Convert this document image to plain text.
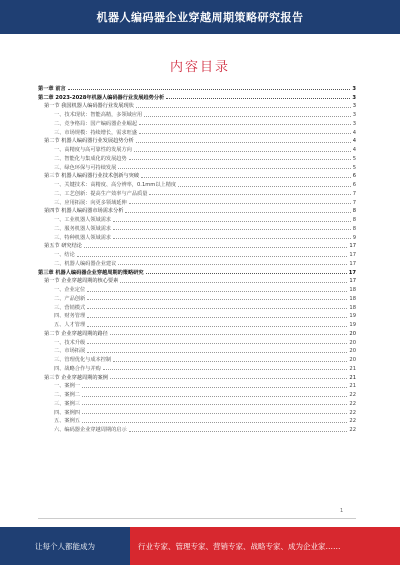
机器人编码器企业穿越周期策略研究报告
内容目录
第一章 前言	3
第二章 2023-2028年机器人编码器行业发展趋势分析	3
第一节 我国机器人编码器行业发展现状	3
一、技术现状：智能高精，多领域应用	3
二、竞争格局：国产编码器企业崛起	3
三、市场规模：持续增长，需求旺盛	4
第二节 机器人编码器行业发展趋势分析	4
一、高精度与高可靠性的发展方向	4
二、智能化与集成化的发展趋势	5
三、绿色环保与可持续发展	5
第三节 机器人编码器行业技术创新与突破	6
一、关键技术：高精度、高分辨率，0.1mm以上精度	6
二、工艺创新：提高生产效率与产品质量	7
三、应用拓展：向更多领域延伸	7
第四节 机器人编码器市场需求分析	8
一、工业机器人领域需求	8
二、服务机器人领域需求	8
三、特种机器人领域需求	9
第五节 研究结论	17
一、结论	17
二、机器人编码器企业建议	17
第三章 机器人编码器企业穿越周期的策略研究	17
第一节 企业穿越周期的核心要素	17
一、企业定位	18
二、产品创新	18
三、营销模式	18
四、财务管理	19
五、人才管理	19
第二节 企业穿越周期的路径	20
一、技术升级	20
二、市场拓展	20
三、管理优化与成本控制	20
四、战略合作与并购	21
第三节 企业穿越周期的案例	21
一、案例一	21
二、案例二	22
三、案例三	22
四、案例四	22
五、案例五	22
六、编码器企业穿越周期的启示	22
1
让每个人都能成为	行业专家、管理专家、营销专家、战略专家、成为企业家……
